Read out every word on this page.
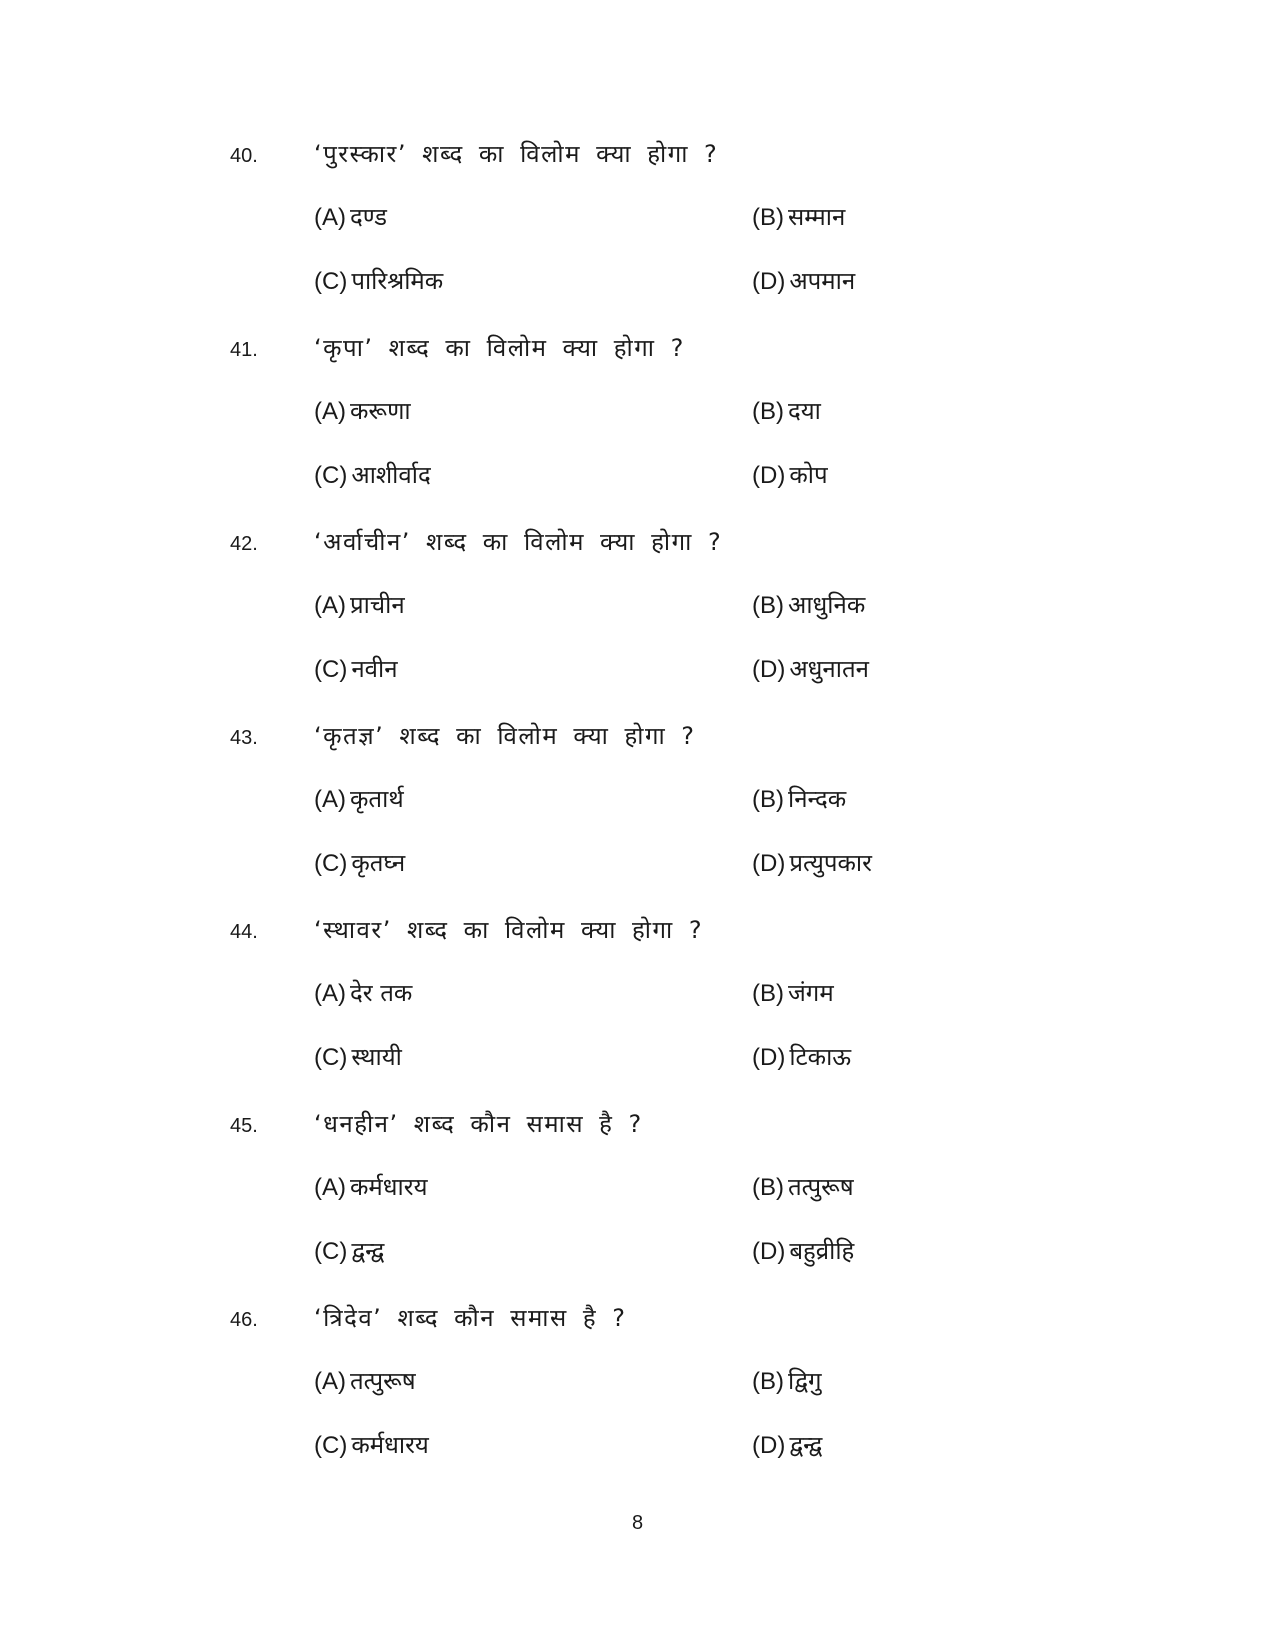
40. ‘पुरस्कार’ शब्द का विलोम क्या होगा ?
(A) दण्ड	(B) सम्मान
(C) पारिश्रमिक	(D) अपमान
41. ‘कृपा’ शब्द का विलोम क्या होगा ?
(A) करूणा	(B) दया
(C) आशीर्वाद	(D) कोप
42. ‘अर्वाचीन’ शब्द का विलोम क्या होगा ?
(A) प्राचीन	(B) आधुनिक
(C) नवीन	(D) अधुनातन
43. ‘कृतज्ञ’ शब्द का विलोम क्या होगा ?
(A) कृतार्थ	(B) निन्दक
(C) कृतघ्न	(D) प्रत्युपकार
44. ‘स्थावर’ शब्द का विलोम क्या होगा ?
(A) देर तक	(B) जंगम
(C) स्थायी	(D) टिकाऊ
45. ‘धनहीन’ शब्द कौन समास है ?
(A) कर्मधारय	(B) तत्पुरूष
(C) द्वन्द्व	(D) बहुव्रीहि
46. ‘त्रिदेव’ शब्द कौन समास है ?
(A) तत्पुरूष	(B) द्विगु
(C) कर्मधारय	(D) द्वन्द्व
8
